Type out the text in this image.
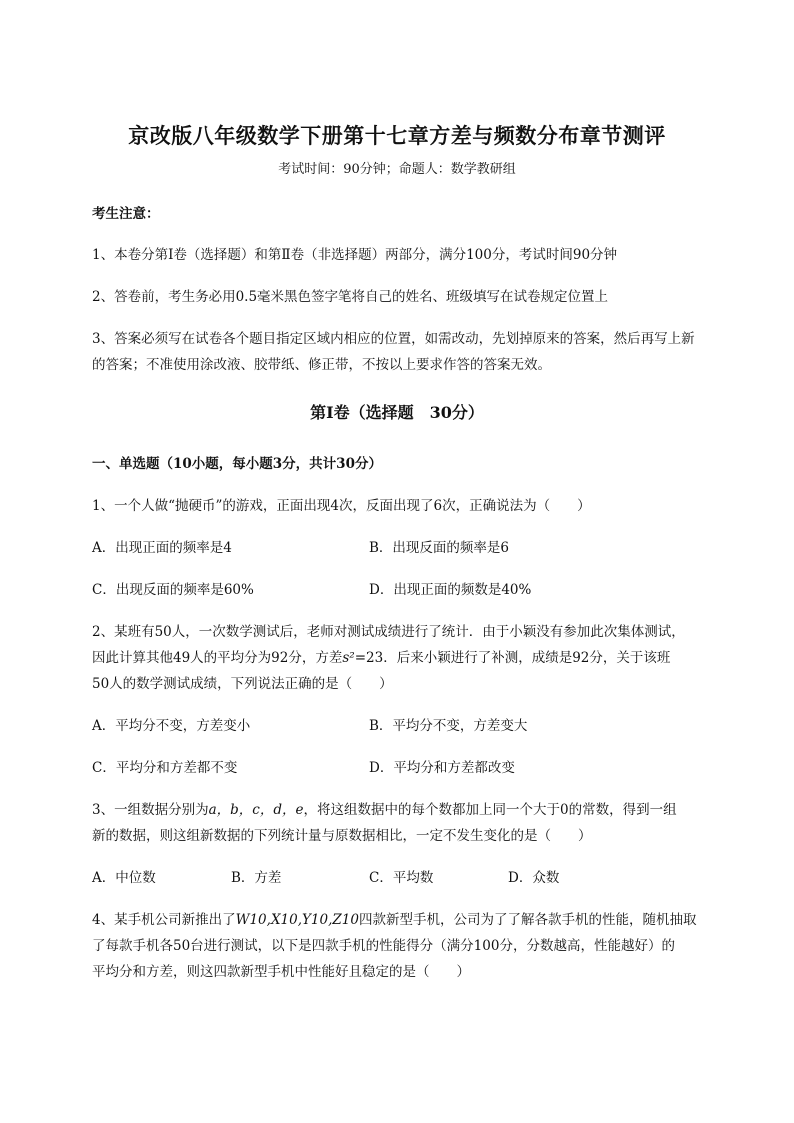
京改版八年级数学下册第十七章方差与频数分布章节测评
考试时间：90分钟；命题人：数学教研组
考生注意：
1、本卷分第Ⅰ卷（选择题）和第Ⅱ卷（非选择题）两部分，满分100分，考试时间90分钟
2、答卷前，考生务必用0.5毫米黑色签字笔将自己的姓名、班级填写在试卷规定位置上
3、答案必须写在试卷各个题目指定区域内相应的位置，如需改动，先划掉原来的答案，然后再写上新
的答案；不准使用涂改液、胶带纸、修正带，不按以上要求作答的答案无效。
第Ⅰ卷（选择题　30分）
一、单选题（10小题，每小题3分，共计30分）
1、一个人做“抛硬币”的游戏，正面出现4次，反面出现了6次，正确说法为（　　）
A．出现正面的频率是4	B．出现反面的频率是6
C．出现反面的频率是60%	D．出现正面的频数是40%
2、某班有50人，一次数学测试后，老师对测试成绩进行了统计．由于小颖没有参加此次集体测试，
因此计算其他49人的平均分为92分，方差s²=23．后来小颖进行了补测，成绩是92分，关于该班
50人的数学测试成绩，下列说法正确的是（　　）
A．平均分不变，方差变小	B．平均分不变，方差变大
C．平均分和方差都不变	D．平均分和方差都改变
3、一组数据分别为a，b，c，d，e，将这组数据中的每个数都加上同一个大于0的常数，得到一组
新的数据，则这组新数据的下列统计量与原数据相比，一定不发生变化的是（　　）
A．中位数	B．方差	C．平均数	D．众数
4、某手机公司新推出了W10,X10,Y10,Z10四款新型手机，公司为了了解各款手机的性能，随机抽取
了每款手机各50台进行测试，以下是四款手机的性能得分（满分100分，分数越高，性能越好）的
平均分和方差，则这四款新型手机中性能好且稳定的是（　　）
